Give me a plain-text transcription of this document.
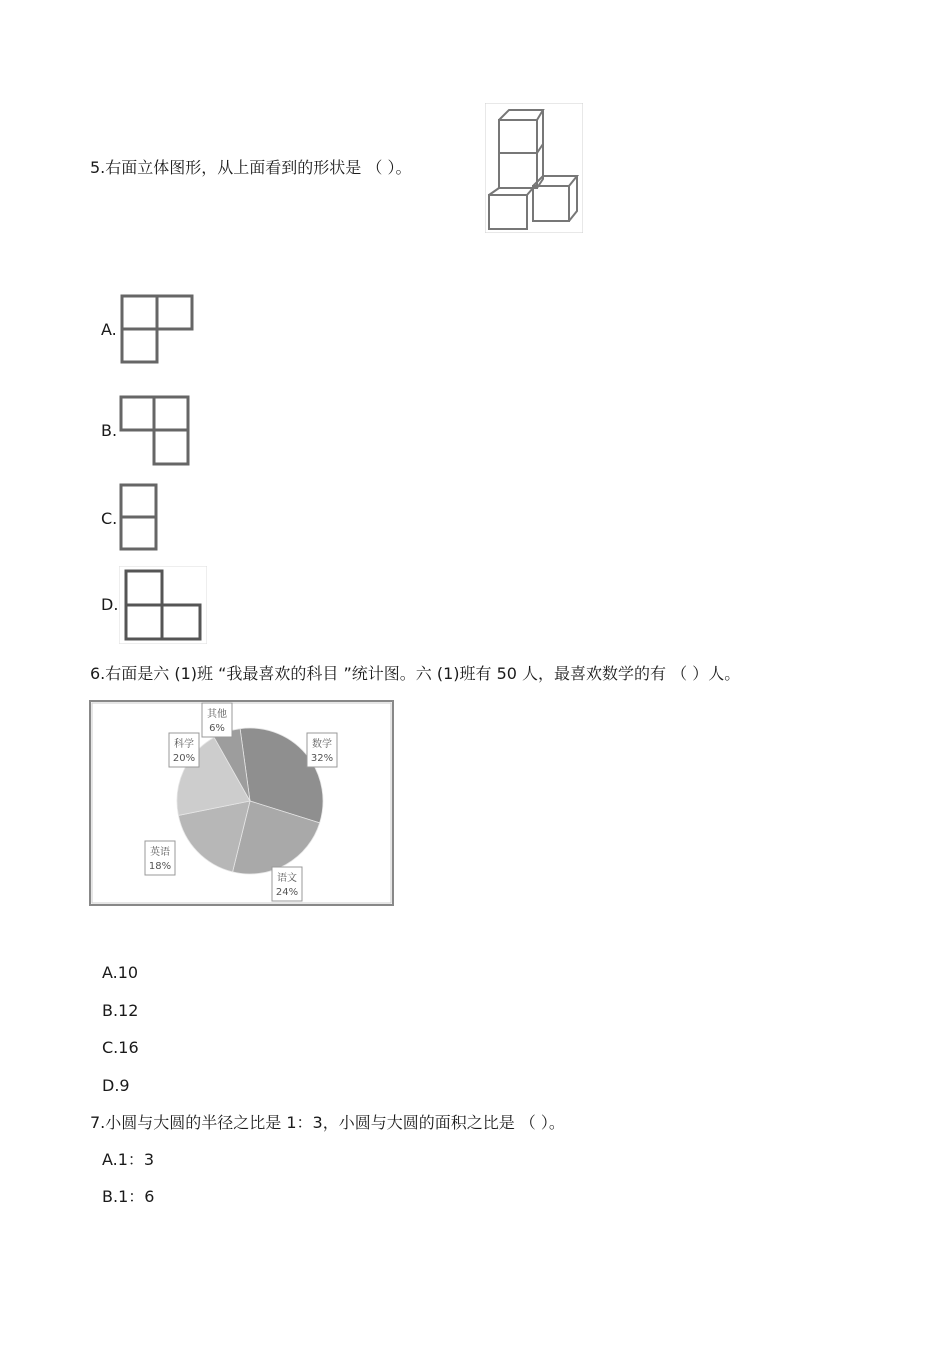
5.右面立体图形，从上面看到的形状是 （ ）。
A.
B.
C.
D.
6.右面是六 (1)班 “我最喜欢的科目 ”统计图。六 (1)班有 50 人，最喜欢数学的有 （ ）人。
数学
32%
语文
24%
英语
18%
科学
20%
其他
6%
A.10
B.12
C.16
D.9
7.小圆与大圆的半径之比是 1：3，小圆与大圆的面积之比是 （ ）。
A.1：3
B.1：6
